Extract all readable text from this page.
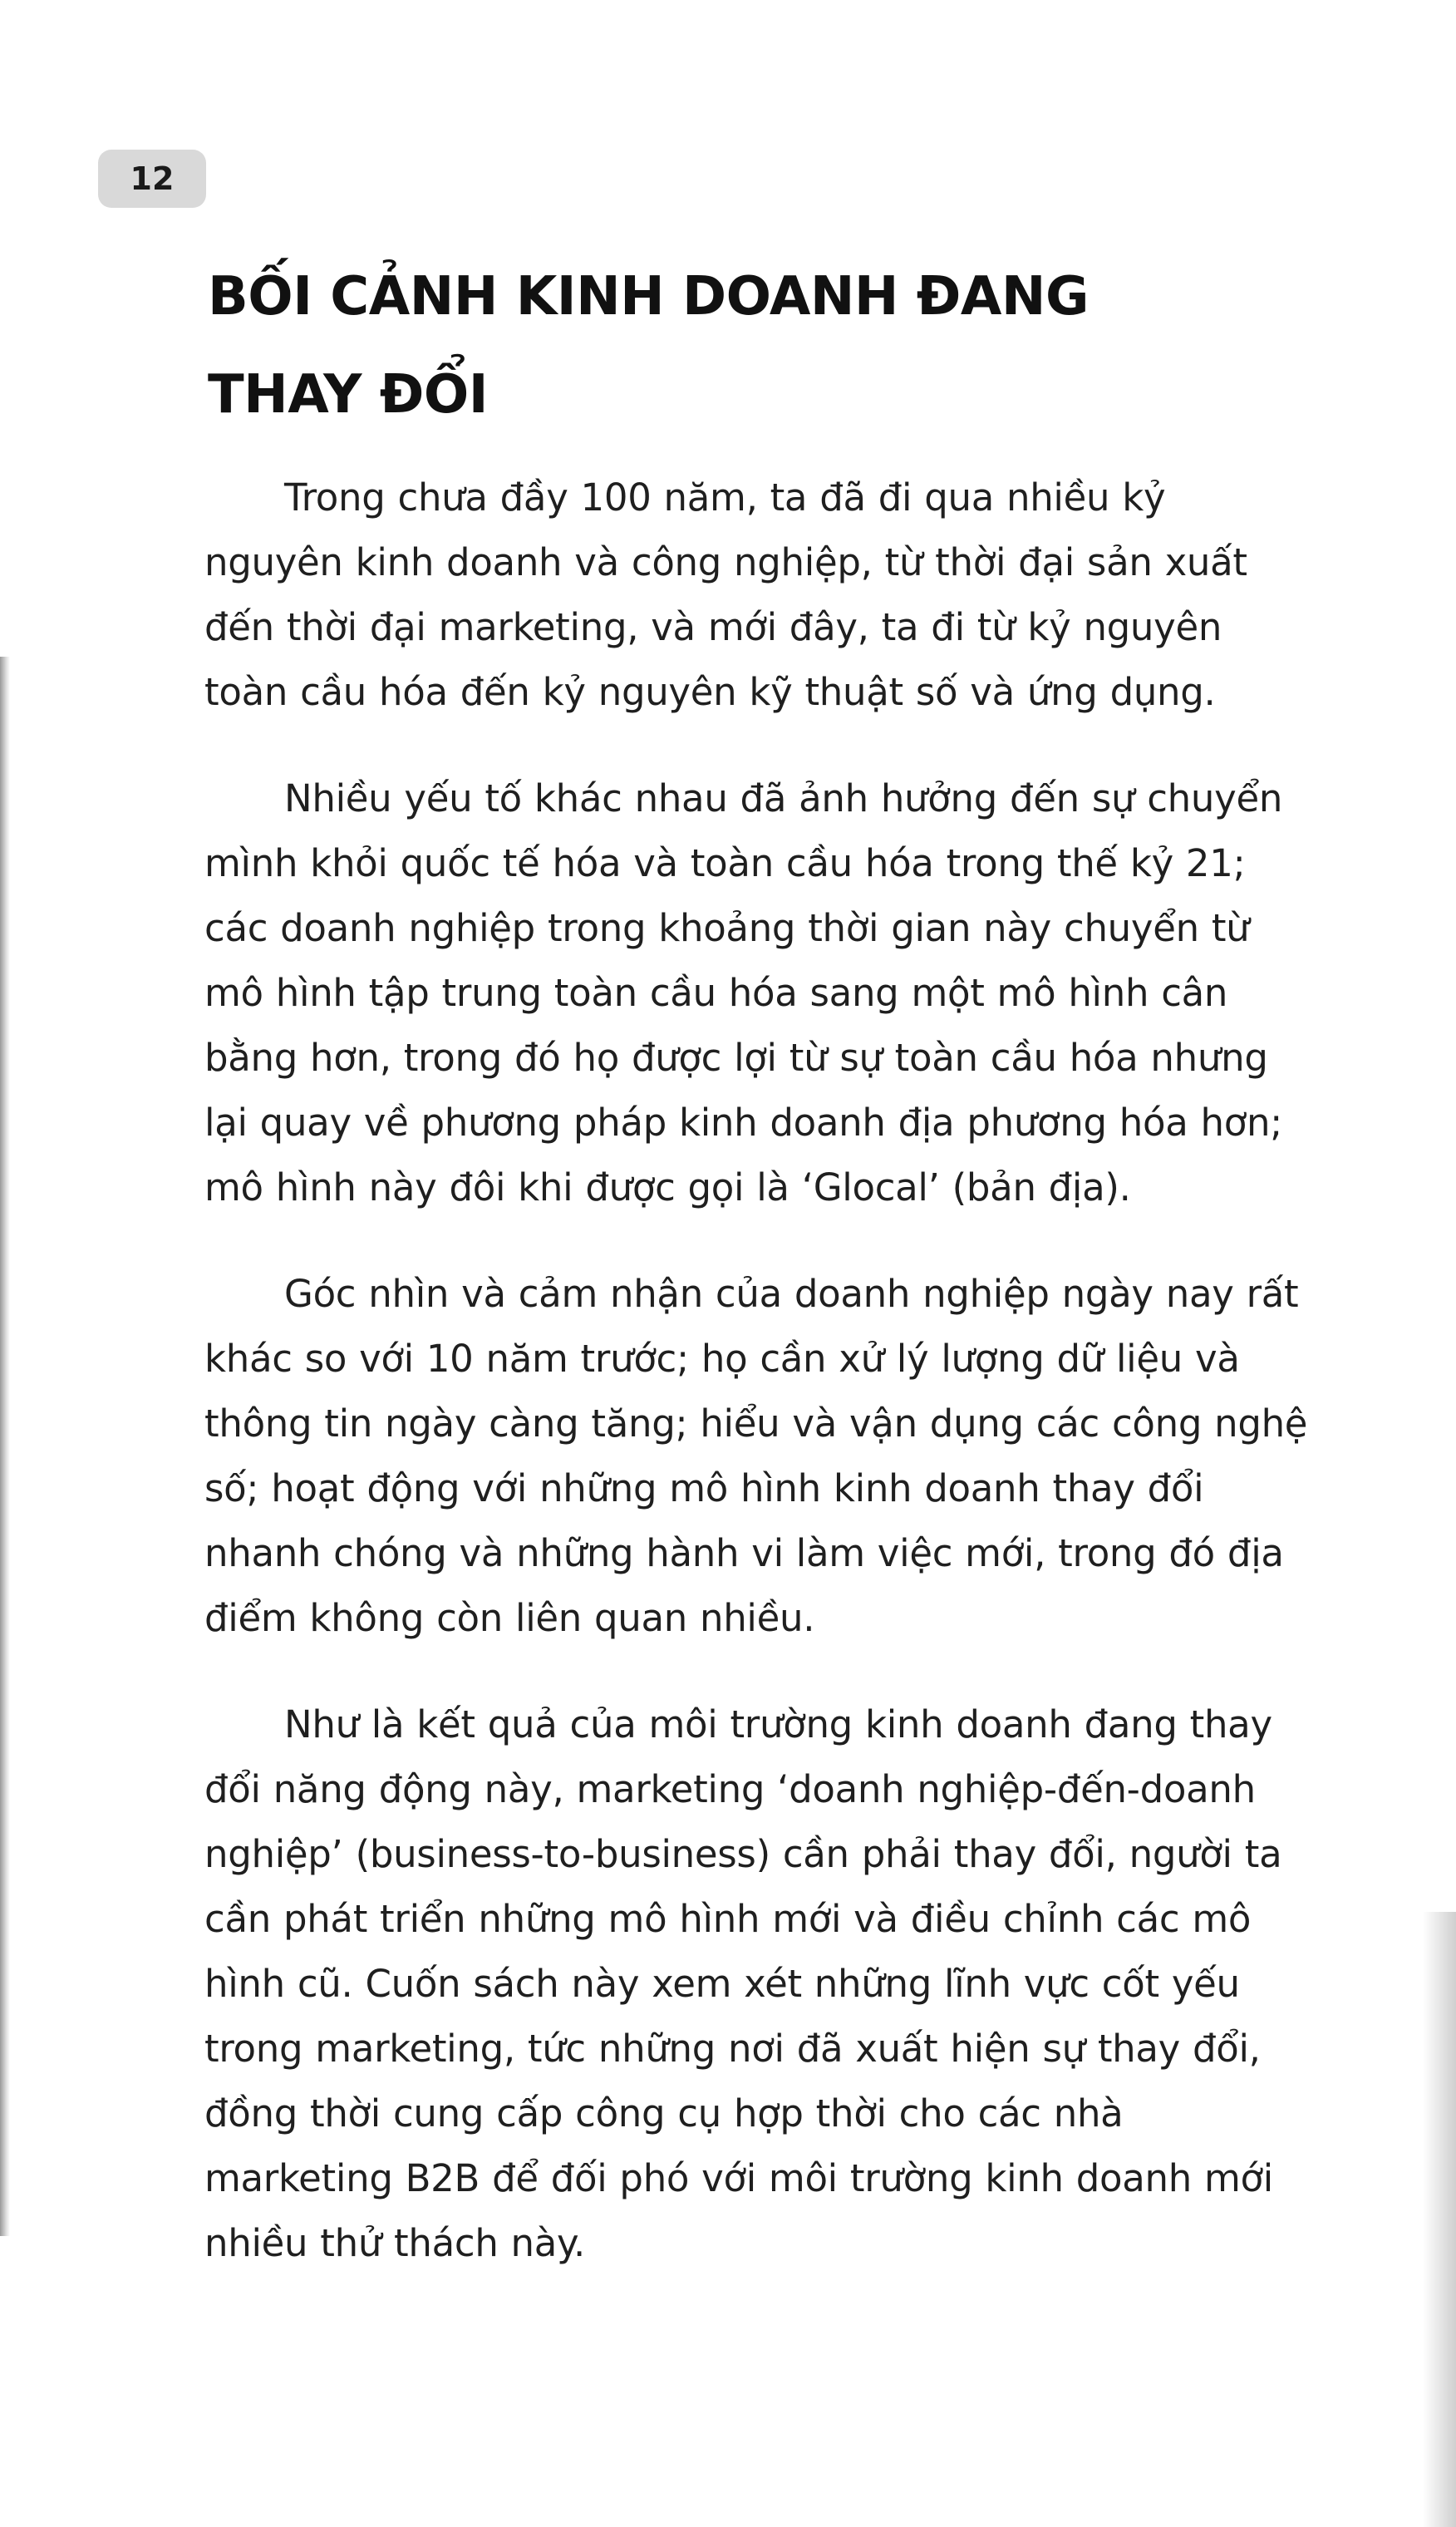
12
BỐI CẢNH KINH DOANH ĐANG
THAY ĐỔI

Trong chưa đầy 100 năm, ta đã đi qua nhiều kỷ nguyên kinh doanh và công nghiệp, từ thời đại sản xuất đến thời đại marketing, và mới đây, ta đi từ kỷ nguyên toàn cầu hóa đến kỷ nguyên kỹ thuật số và ứng dụng.

Nhiều yếu tố khác nhau đã ảnh hưởng đến sự chuyển mình khỏi quốc tế hóa và toàn cầu hóa trong thế kỷ 21; các doanh nghiệp trong khoảng thời gian này chuyển từ mô hình tập trung toàn cầu hóa sang một mô hình cân bằng hơn, trong đó họ được lợi từ sự toàn cầu hóa nhưng lại quay về phương pháp kinh doanh địa phương hóa hơn; mô hình này đôi khi được gọi là ‘Glocal’ (bản địa).

Góc nhìn và cảm nhận của doanh nghiệp ngày nay rất khác so với 10 năm trước; họ cần xử lý lượng dữ liệu và thông tin ngày càng tăng; hiểu và vận dụng các công nghệ số; hoạt động với những mô hình kinh doanh thay đổi nhanh chóng và những hành vi làm việc mới, trong đó địa điểm không còn liên quan nhiều.

Như là kết quả của môi trường kinh doanh đang thay đổi năng động này, marketing ‘doanh nghiệp-đến-doanh nghiệp’ (business-to-business) cần phải thay đổi, người ta cần phát triển những mô hình mới và điều chỉnh các mô hình cũ. Cuốn sách này xem xét những lĩnh vực cốt yếu trong marketing, tức những nơi đã xuất hiện sự thay đổi, đồng thời cung cấp công cụ hợp thời cho các nhà marketing B2B để đối phó với môi trường kinh doanh mới nhiều thử thách này.
